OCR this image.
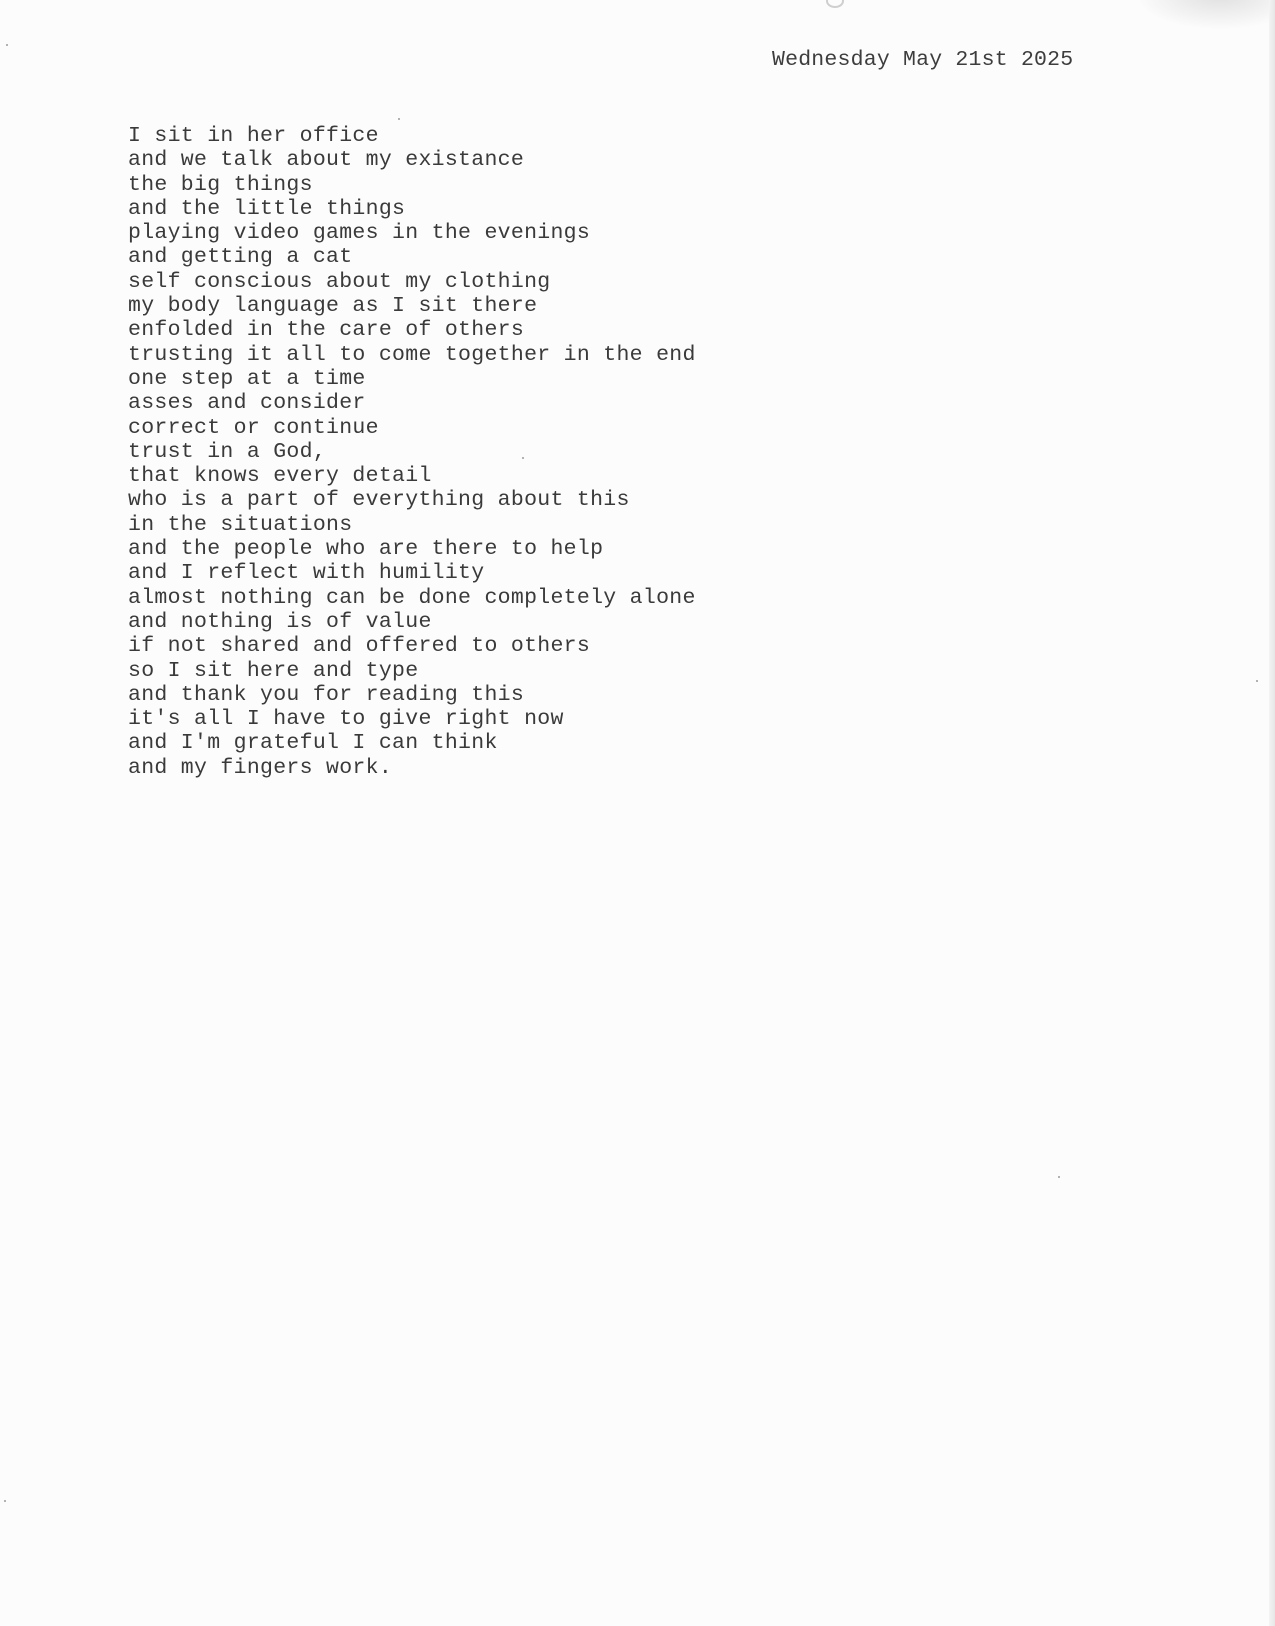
Wednesday May 21st 2025

I sit in her office
and we talk about my existance
the big things
and the little things
playing video games in the evenings
and getting a cat
self conscious about my clothing
my body language as I sit there
enfolded in the care of others
trusting it all to come together in the end
one step at a time
asses and consider
correct or continue
trust in a God,
that knows every detail
who is a part of everything about this
in the situations
and the people who are there to help
and I reflect with humility
almost nothing can be done completely alone
and nothing is of value
if not shared and offered to others
so I sit here and type
and thank you for reading this
it's all I have to give right now
and I'm grateful I can think
and my fingers work.
